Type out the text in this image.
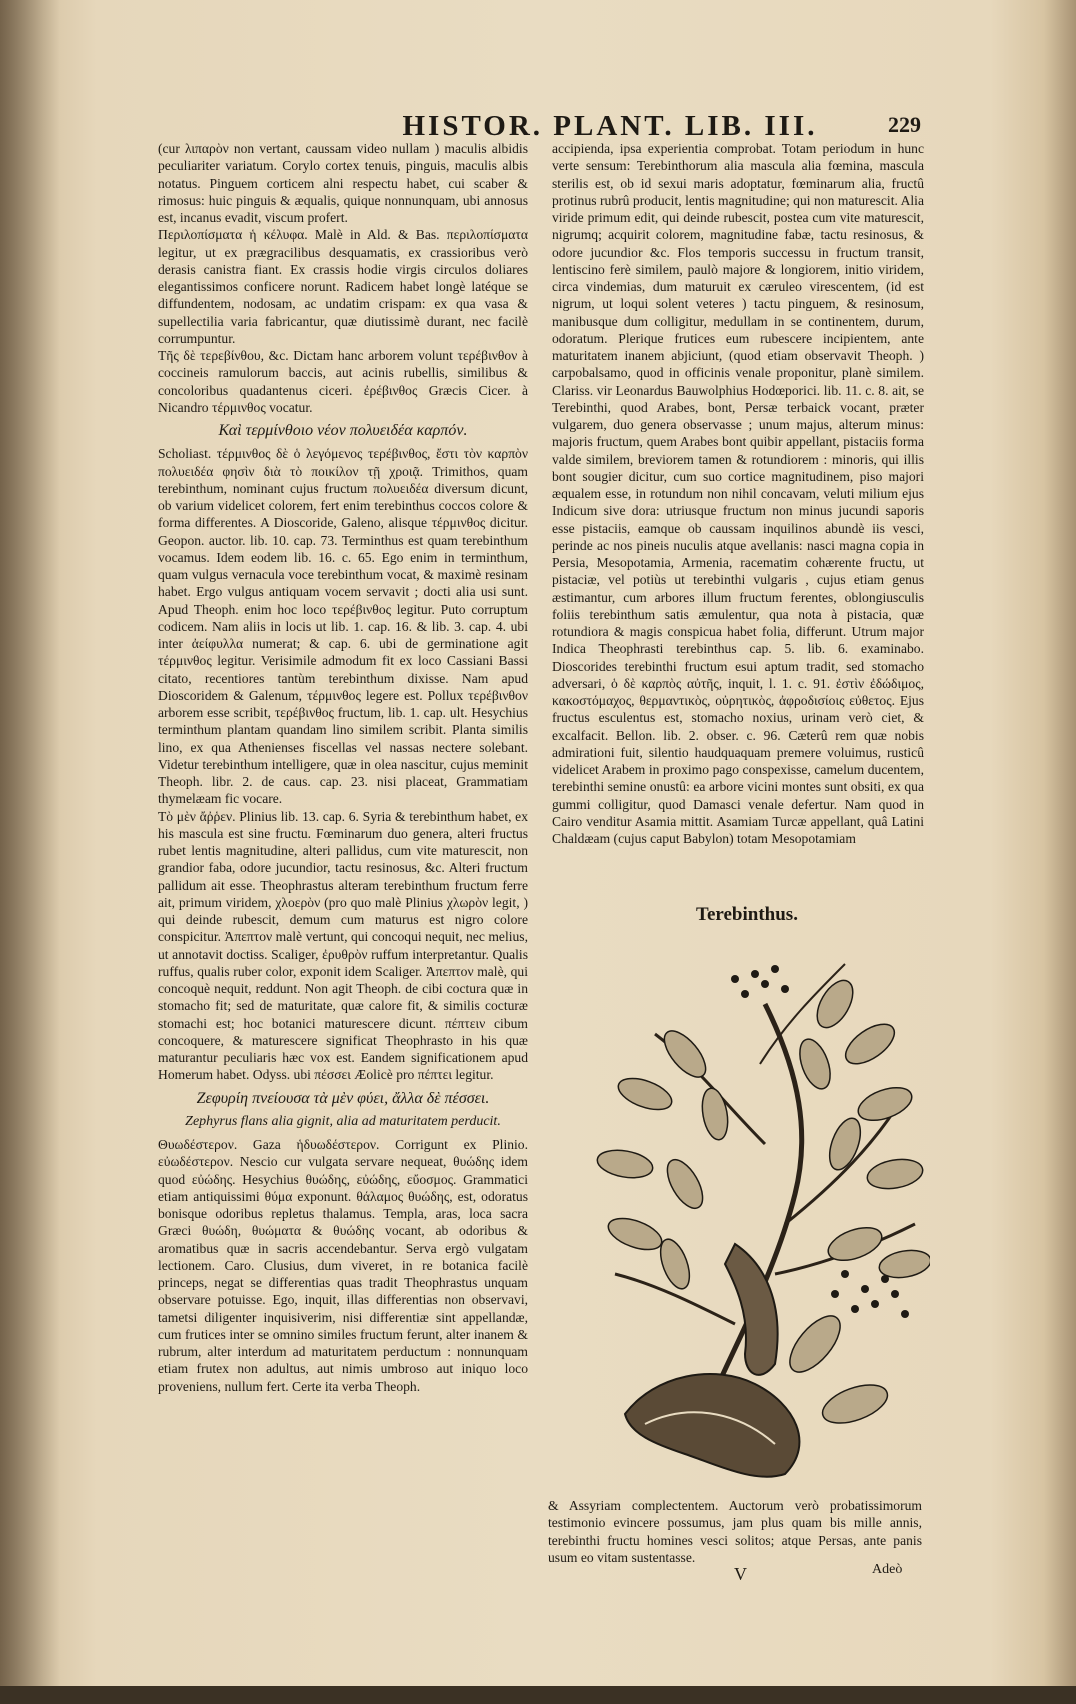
HISTOR. PLANT. LIB. III.	229

(cur λιπαρὸν non vertant, caussam video nullam ) maculis albidis peculiariter variatum. Corylo cortex tenuis, pinguis, maculis albis notatus. Pinguem corticem alni respectu habet, cui scaber & rimosus: huic pinguis & æqualis, quique nonnunquam, ubi annosus est, incanus evadit, viscum profert.

Περιλοπίσματα ἡ κέλυφα. Malè in Ald. & Bas. περιλοπίσματα legitur, ut ex prægracilibus desquamatis, ex crassioribus verò derasis canistra fiant. Ex crassis hodie virgis circulos doliares elegantissimos conficere norunt. Radicem habet longè latéque se diffundentem, nodosam, ac undatim crispam: ex qua vasa & supellectilia varia fabricantur, quæ diutissimè durant, nec facilè corrumpuntur.

Τῆς δὲ τερεβίνθου, &c. Dictam hanc arborem volunt τερέβινθον à coccineis ramulorum baccis, aut acinis rubellis, similibus & concoloribus quadantenus ciceri. ἐρέβινθος Græcis Cicer. à Nicandro τέρμινθος vocatur.

Καὶ τερμίνθοιο νέον πολυειδέα καρπόν.

Scholiast. τέρμινθος δὲ ὁ λεγόμενος τερέβινθος, ἔστι τὸν καρπὸν πολυειδέα φησὶν διὰ τὸ ποικίλον τῇ χροιᾷ. Trimithos, quam terebinthum, nominant cujus fructum πολυειδέα diversum dicunt, ob varium videlicet colorem, fert enim terebinthus coccos colore & forma differentes. A Dioscoride, Galeno, alisque τέρμινθος dicitur. Geopon. auctor. lib. 10. cap. 73. Terminthus est quam terebinthum vocamus. Idem eodem lib. 16. c. 65. Ego enim in terminthum, quam vulgus vernacula voce terebinthum vocat, & maximè resinam habet. Ergo vulgus antiquam vocem servavit ; docti alia usi sunt. Apud Theoph. enim hoc loco τερέβινθος legitur. Puto corruptum codicem. Nam aliis in locis ut lib. 1. cap. 16. & lib. 3. cap. 4. ubi inter ἀείφυλλα numerat; & cap. 6. ubi de germinatione agit τέρμινθος legitur. Verisimile admodum fit ex loco Cassiani Bassi citato, recentiores tantùm terebinthum dixisse. Nam apud Dioscoridem & Galenum, τέρμινθος legere est. Pollux τερέβινθον arborem esse scribit, τερέβινθος fructum, lib. 1. cap. ult. Hesychius terminthum plantam quandam lino similem scribit. Planta similis lino, ex qua Athenienses fiscellas vel nassas nectere solebant. Videtur terebinthum intelligere, quæ in olea nascitur, cujus meminit Theoph. libr. 2. de caus. cap. 23. nisi placeat, Grammatiam thymelæam fic vocare.

Τὸ μὲν ἄῤῥεν. Plinius lib. 13. cap. 6. Syria & terebinthum habet, ex his mascula est sine fructu. Fœminarum duo genera, alteri fructus rubet lentis magnitudine, alteri pallidus, cum vite maturescit, non grandior faba, odore jucundior, tactu resinosus, &c. Alteri fructum pallidum ait esse. Theophrastus alteram terebinthum fructum ferre ait, primum viridem, χλοερὸν (pro quo malè Plinius χλωρὸν legit, ) qui deinde rubescit, demum cum maturus est nigro colore conspicitur. Ἀπεπτον malè vertunt, qui concoqui nequit, nec melius, ut annotavit doctiss. Scaliger, ἐρυθρὸν ruffum interpretantur. Qualis ruffus, qualis ruber color, exponit idem Scaliger. Ἀπεπτον malè, qui concoquè nequit, reddunt. Non agit Theoph. de cibi coctura quæ in stomacho fit; sed de maturitate, quæ calore fit, & similis cocturæ stomachi est; hoc botanici maturescere dicunt. πέπτειν cibum concoquere, & maturescere significat Theophrasto in his quæ maturantur peculiaris hæc vox est. Eandem significationem apud Homerum habet. Odyss. ubi πέσσει Æolicè pro πέπτει legitur.

Ζεφυρίη πνείουσα τὰ μὲν φύει, ἄλλα δὲ πέσσει.

Zephyrus flans alia gignit, alia ad maturitatem perducit.

Θυωδέστερον. Gaza ἡδυωδέστερον. Corrigunt ex Plinio. εὐωδέστερον. Nescio cur vulgata servare nequeat, θυώδης idem quod εὐώδης. Hesychius θυώδης, εὐώδης, εὔοσμος. Grammatici etiam antiquissimi θύμα exponunt. θάλαμος θυώδης, est, odoratus bonisque odoribus repletus thalamus. Templa, aras, loca sacra Græci θυώδη, θυώματα & θυώδης vocant, ab odoribus & aromatibus quæ in sacris accendebantur. Serva ergò vulgatam lectionem. Caro. Clusius, dum viveret, in re botanica facilè princeps, negat se differentias quas tradit Theophrastus unquam observare potuisse. Ego, inquit, illas differentias non observavi, tametsi diligenter inquisiverim, nisi differentiæ sint appellandæ, cum frutices inter se omnino similes fructum ferunt, alter inanem & rubrum, alter interdum ad maturitatem perductum : nonnunquam etiam frutex non adultus, aut nimis umbroso aut iniquo loco proveniens, nullum fert. Certe ita verba Theoph.

accipienda, ipsa experientia comprobat. Totam periodum in hunc verte sensum: Terebinthorum alia mascula alia fœmina, mascula sterilis est, ob id sexui maris adoptatur, fœminarum alia, fructû protinus rubrû producit, lentis magnitudine; qui non maturescit. Alia viride primum edit, qui deinde rubescit, postea cum vite maturescit, nigrumq; acquirit colorem, magnitudine fabæ, tactu resinosus, & odore jucundior &c. Flos temporis successu in fructum transit, lentiscino ferè similem, paulò majore & longiorem, initio viridem, circa vindemias, dum maturuit ex cæruleo virescentem, (id est nigrum, ut loqui solent veteres ) tactu pinguem, & resinosum, manibusque dum colligitur, medullam in se continentem, durum, odoratum. Plerique frutices eum rubescere incipientem, ante maturitatem inanem abjiciunt, (quod etiam observavit Theoph. ) carpobalsamo, quod in officinis venale proponitur, planè similem. Clariss. vir Leonardus Bauwolphius Hodœporici. lib. 11. c. 8. ait, se Terebinthi, quod Arabes, bont, Persæ terbaick vocant, præter vulgarem, duo genera observasse ; unum majus, alterum minus: majoris fructum, quem Arabes bont quibir appellant, pistaciis forma valde similem, breviorem tamen & rotundiorem : minoris, qui illis bont sougier dicitur, cum suo cortice magnitudinem, piso majori æqualem esse, in rotundum non nihil concavam, veluti milium ejus Indicum sive dora: utriusque fructum non minus jucundi saporis esse pistaciis, eamque ob caussam inquilinos abundè iis vesci, perinde ac nos pineis nuculis atque avellanis: nasci magna copia in Persia, Mesopotamia, Armenia, racematim cohærente fructu, ut pistaciæ, vel potiùs ut terebinthi vulgaris , cujus etiam genus æstimantur, cum arbores illum fructum ferentes, oblongiusculis foliis terebinthum satis æmulentur, qua nota à pistacia, quæ rotundiora & magis conspicua habet folia, differunt. Utrum major Indica Theophrasti terebinthus cap. 5. lib. 6. examinabo. Dioscorides terebinthi fructum esui aptum tradit, sed stomacho adversari, ὁ δὲ καρπὸς αὐτῆς, inquit, l. 1. c. 91. ἐστὶν ἐδώδιμος, κακοστόμαχος, θερμαντικὸς, οὐρητικὸς, ἀφροδισίοις εὐθετος. Ejus fructus esculentus est, stomacho noxius, urinam verò ciet, & excalfacit. Bellon. lib. 2. obser. c. 96. Cæterû rem quæ nobis admirationi fuit, silentio haudquaquam premere voluimus, rusticû videlicet Arabem in proximo pago conspexisse, camelum ducentem, terebinthi semine onustû: ea arbore vicini montes sunt obsiti, ex qua gummi colligitur, quod Damasci venale defertur. Nam quod in Cairo venditur Asamia mittit. Asamiam Turcæ appellant, quâ Latini Chaldæam (cujus caput Babylon) totam Mesopotamiam

Terebinthus.

& Assyriam complectentem. Auctorum verò probatissimorum testimonio evincere possumus, jam plus quam bis mille annis, terebinthi fructu homines vesci solitos; atque Persas, ante panis usum eo vitam sustentasse.

V	Adeò
